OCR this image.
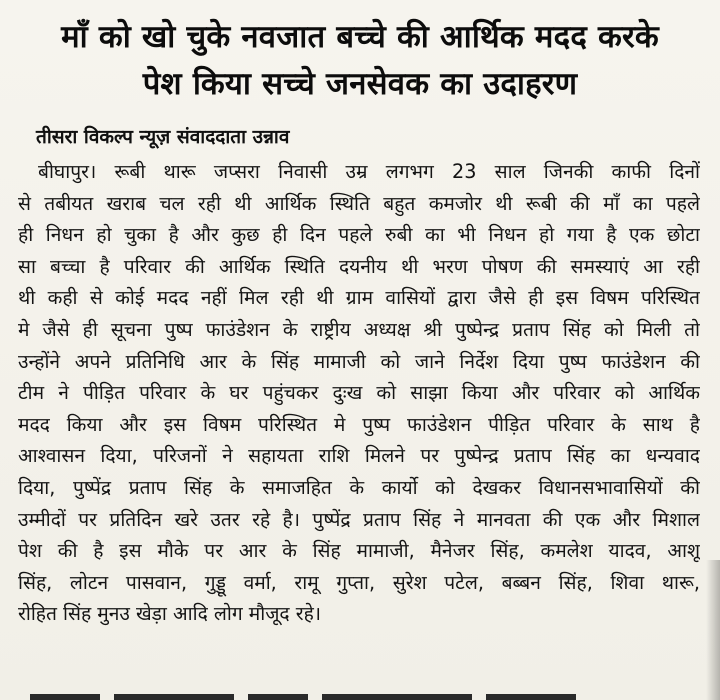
माँ को खो चुके नवजात बच्चे की आर्थिक मदद करके
पेश किया सच्चे जनसेवक का उदाहरण
तीसरा विकल्प न्यूज़ संवाददाता उन्नाव
बीघापुर। रूबी थारू जप्सरा निवासी उम्र लगभग 23 साल जिनकी काफी दिनों
से तबीयत खराब चल रही थी आर्थिक स्थिति बहुत कमजोर थी रूबी की माँ का पहले
ही निधन हो चुका है और कुछ ही दिन पहले रुबी का भी निधन हो गया है एक छोटा
सा बच्चा है परिवार की आर्थिक स्थिति दयनीय थी भरण पोषण की समस्याएं आ रही
थी कही से कोई मदद नहीं मिल रही थी ग्राम वासियों द्वारा जैसे ही इस विषम परिस्थित
मे जैसे ही सूचना पुष्प फाउंडेशन के राष्ट्रीय अध्यक्ष श्री पुष्पेन्द्र प्रताप सिंह को मिली तो
उन्होंने अपने प्रतिनिधि आर के सिंह मामाजी को जाने निर्देश दिया पुष्प फाउंडेशन की
टीम ने पीड़ित परिवार के घर पहुंचकर दुःख को साझा किया और परिवार को आर्थिक
मदद किया और इस विषम परिस्थित मे पुष्प फाउंडेशन पीड़ित परिवार के साथ है
आश्वासन दिया, परिजनों ने सहायता राशि मिलने पर पुष्पेन्द्र प्रताप सिंह का धन्यवाद
दिया, पुष्पेंद्र प्रताप सिंह के समाजहित के कार्यो को देखकर विधानसभावासियों की
उम्मीदों पर प्रतिदिन खरे उतर रहे है। पुष्पेंद्र प्रताप सिंह ने मानवता की एक और मिशाल
पेश की है इस मौके पर आर के सिंह मामाजी, मैनेजर सिंह, कमलेश यादव, आशू
सिंह, लोटन पासवान, गुड्डू वर्मा, रामू गुप्ता, सुरेश पटेल, बब्बन सिंह, शिवा थारू,
रोहित सिंह मुनउ खेड़ा आदि लोग मौजूद रहे।
